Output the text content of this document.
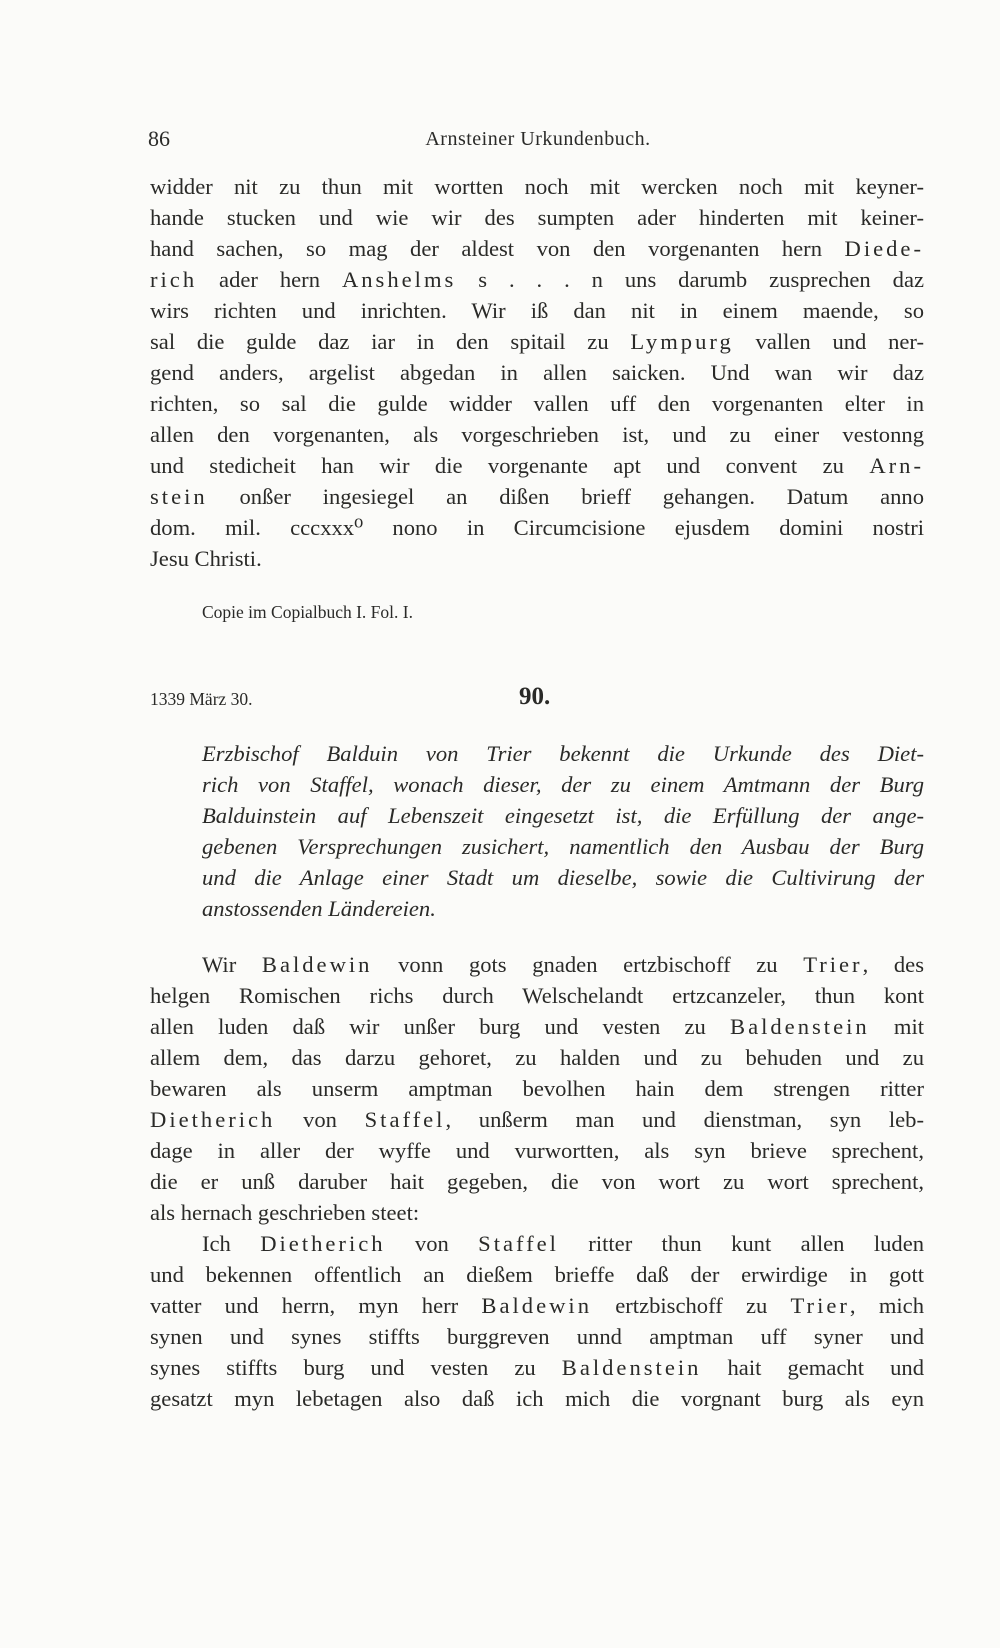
86	Arnsteiner Urkundenbuch.
widder nit zu thun mit wortten noch mit wercken noch mit keyner-
hande stucken und wie wir des sumpten ader hinderten mit keiner-
hand sachen, so mag der aldest von den vorgenanten hern Diede-
rich ader hern Anshelms s . . . n uns darumb zusprechen daz
wirs richten und inrichten. Wir iß dan nit in einem maende, so
sal die gulde daz iar in den spitail zu Lympurg vallen und ner-
gend anders, argelist abgedan in allen saicken. Und wan wir daz
richten, so sal die gulde widder vallen uff den vorgenanten elter in
allen den vorgenanten, als vorgeschrieben ist, und zu einer vestonng
und stedicheit han wir die vorgenante apt und convent zu Arn-
stein onßer ingesiegel an dißen brieff gehangen. Datum anno
dom. mil. cccxxx⁰ nono in Circumcisione ejusdem domini nostri
Jesu Christi.
Copie im Copialbuch I. Fol. I.
1339 März 30.	90.
Erzbischof Balduin von Trier bekennt die Urkunde des Diet-
rich von Staffel, wonach dieser, der zu einem Amtmann der Burg
Balduinstein auf Lebenszeit eingesetzt ist, die Erfüllung der ange-
gebenen Versprechungen zusichert, namentlich den Ausbau der Burg
und die Anlage einer Stadt um dieselbe, sowie die Cultivirung der
anstossenden Ländereien.
Wir Baldewin vonn gots gnaden ertzbischoff zu Trier, des
helgen Romischen richs durch Welschelandt ertzcanzeler, thun kont
allen luden daß wir unßer burg und vesten zu Baldenstein mit
allem dem, das darzu gehoret, zu halden und zu behuden und zu
bewaren als unserm amptman bevolhen hain dem strengen ritter
Dietherich von Staffel, unßerm man und dienstman, syn leb-
dage in aller der wyffe und vurwortten, als syn brieve sprechent,
die er unß daruber hait gegeben, die von wort zu wort sprechent,
als hernach geschrieben steet:
Ich Dietherich von Staffel ritter thun kunt allen luden
und bekennen offentlich an dießem brieffe daß der erwirdige in gott
vatter und herrn, myn herr Baldewin ertzbischoff zu Trier, mich
synen und synes stiffts burggreven unnd amptman uff syner und
synes stiffts burg und vesten zu Baldenstein hait gemacht und
gesatzt myn lebetagen also daß ich mich die vorgnant burg als eyn
